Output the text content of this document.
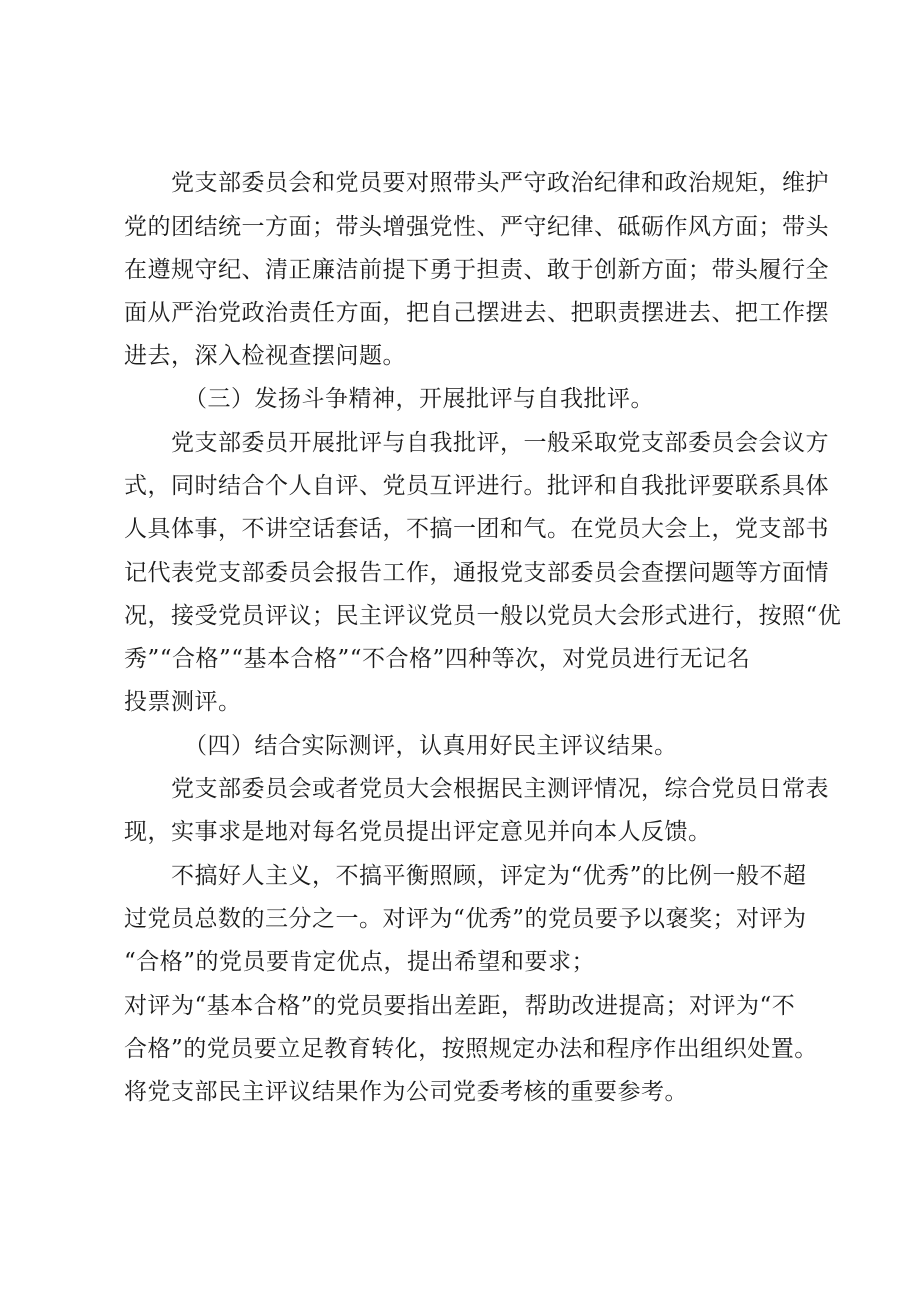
党支部委员会和党员要对照带头严守政治纪律和政治规矩，维护
党的团结统一方面；带头增强党性、严守纪律、砥砺作风方面；带头
在遵规守纪、清正廉洁前提下勇于担责、敢于创新方面；带头履行全
面从严治党政治责任方面，把自己摆进去、把职责摆进去、把工作摆
进去，深入检视查摆问题。
（三）发扬斗争精神，开展批评与自我批评。
党支部委员开展批评与自我批评，一般采取党支部委员会会议方
式，同时结合个人自评、党员互评进行。批评和自我批评要联系具体
人具体事，不讲空话套话，不搞一团和气。在党员大会上，党支部书
记代表党支部委员会报告工作，通报党支部委员会查摆问题等方面情
况，接受党员评议；民主评议党员一般以党员大会形式进行，按照“优
秀”“合格”“基本合格”“不合格”四种等次，对党员进行无记名
投票测评。
（四）结合实际测评，认真用好民主评议结果。
党支部委员会或者党员大会根据民主测评情况，综合党员日常表
现，实事求是地对每名党员提出评定意见并向本人反馈。
不搞好人主义，不搞平衡照顾，评定为“优秀”的比例一般不超
过党员总数的三分之一。对评为“优秀”的党员要予以褒奖；对评为
“合格”的党员要肯定优点，提出希望和要求；
对评为“基本合格”的党员要指出差距，帮助改进提高；对评为“不
合格”的党员要立足教育转化，按照规定办法和程序作出组织处置。
将党支部民主评议结果作为公司党委考核的重要参考。
